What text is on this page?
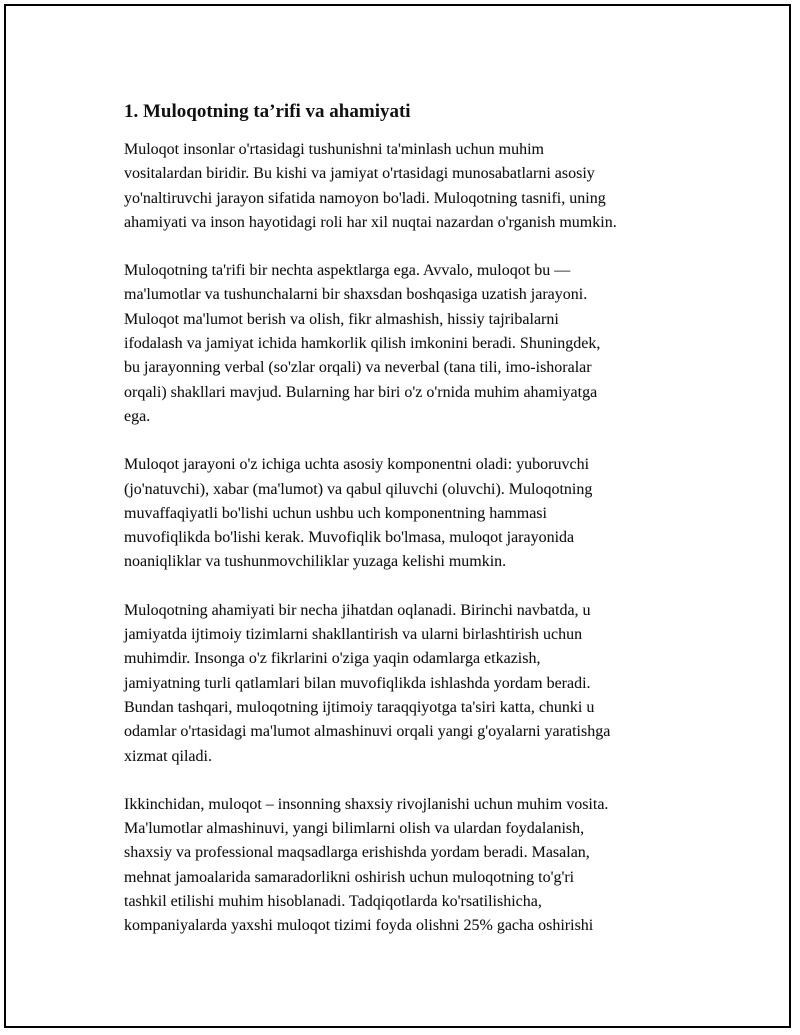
1. Muloqotning ta’rifi va ahamiyati

Muloqot insonlar o'rtasidagi tushunishni ta'minlash uchun muhim
vositalardan biridir. Bu kishi va jamiyat o'rtasidagi munosabatlarni asosiy
yo'naltiruvchi jarayon sifatida namoyon bo'ladi. Muloqotning tasnifi, uning
ahamiyati va inson hayotidagi roli har xil nuqtai nazardan o'rganish mumkin.

Muloqotning ta'rifi bir nechta aspektlarga ega. Avvalo, muloqot bu —
ma'lumotlar va tushunchalarni bir shaxsdan boshqasiga uzatish jarayoni.
Muloqot ma'lumot berish va olish, fikr almashish, hissiy tajribalarni
ifodalash va jamiyat ichida hamkorlik qilish imkonini beradi. Shuningdek,
bu jarayonning verbal (so'zlar orqali) va neverbal (tana tili, imo-ishoralar
orqali) shakllari mavjud. Bularning har biri o'z o'rnida muhim ahamiyatga
ega.

Muloqot jarayoni o'z ichiga uchta asosiy komponentni oladi: yuboruvchi
(jo'natuvchi), xabar (ma'lumot) va qabul qiluvchi (oluvchi). Muloqotning
muvaffaqiyatli bo'lishi uchun ushbu uch komponentning hammasi
muvofiqlikda bo'lishi kerak. Muvofiqlik bo'lmasa, muloqot jarayonida
noaniqliklar va tushunmovchiliklar yuzaga kelishi mumkin.

Muloqotning ahamiyati bir necha jihatdan oqlanadi. Birinchi navbatda, u
jamiyatda ijtimoiy tizimlarni shakllantirish va ularni birlashtirish uchun
muhimdir. Insonga o'z fikrlarini o'ziga yaqin odamlarga etkazish,
jamiyatning turli qatlamlari bilan muvofiqlikda ishlashda yordam beradi.
Bundan tashqari, muloqotning ijtimoiy taraqqiyotga ta'siri katta, chunki u
odamlar o'rtasidagi ma'lumot almashinuvi orqali yangi g'oyalarni yaratishga
xizmat qiladi.

Ikkinchidan, muloqot – insonning shaxsiy rivojlanishi uchun muhim vosita.
Ma'lumotlar almashinuvi, yangi bilimlarni olish va ulardan foydalanish,
shaxsiy va professional maqsadlarga erishishda yordam beradi. Masalan,
mehnat jamoalarida samaradorlikni oshirish uchun muloqotning to'g'ri
tashkil etilishi muhim hisoblanadi. Tadqiqotlarda ko'rsatilishicha,
kompaniyalarda yaxshi muloqot tizimi foyda olishni 25% gacha oshirishi
